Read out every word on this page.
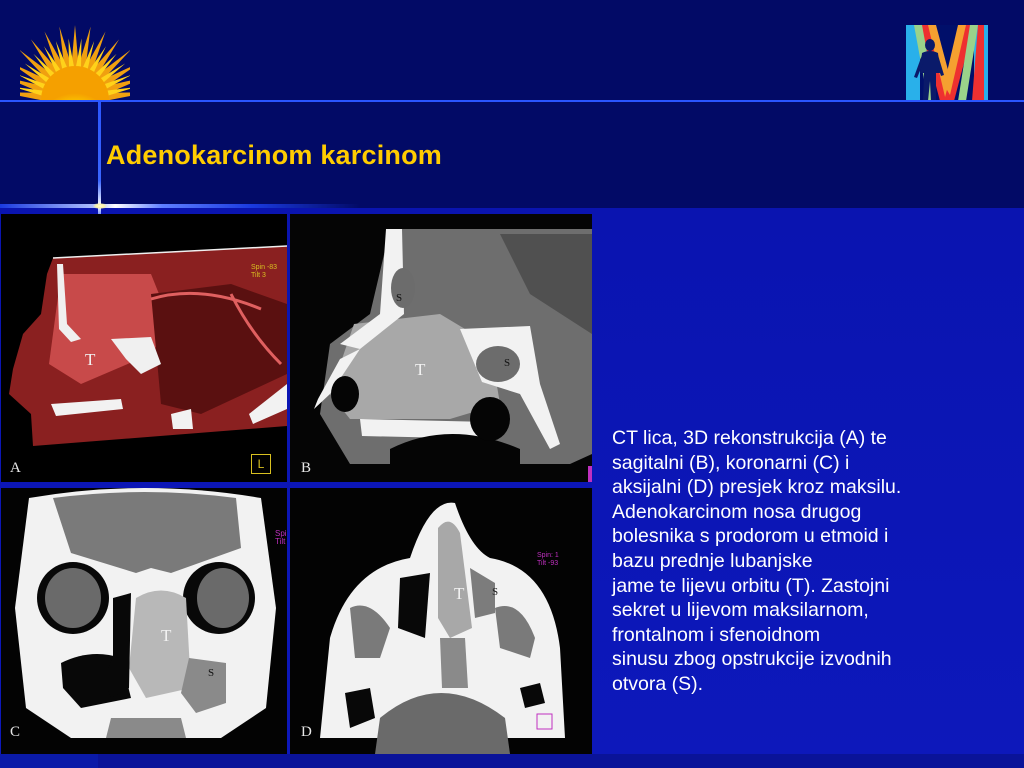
Adenokarcinom karcinom
T
Spin -83
Tilt 3
L
A
S
T	S
B
T
S
Spi
Tilt
C
T	S
Spin: 1
Tilt -93
D
CT lica, 3D rekonstrukcija (A) te
sagitalni (B), koronarni (C) i
aksijalni (D) presjek kroz maksilu.
Adenokarcinom nosa drugog
bolesnika s prodorom u etmoid i
bazu prednje lubanjske
jame te lijevu orbitu (T). Zastojni
sekret u lijevom maksilarnom,
frontalnom i sfenoidnom
sinusu zbog opstrukcije izvodnih
otvora (S).
